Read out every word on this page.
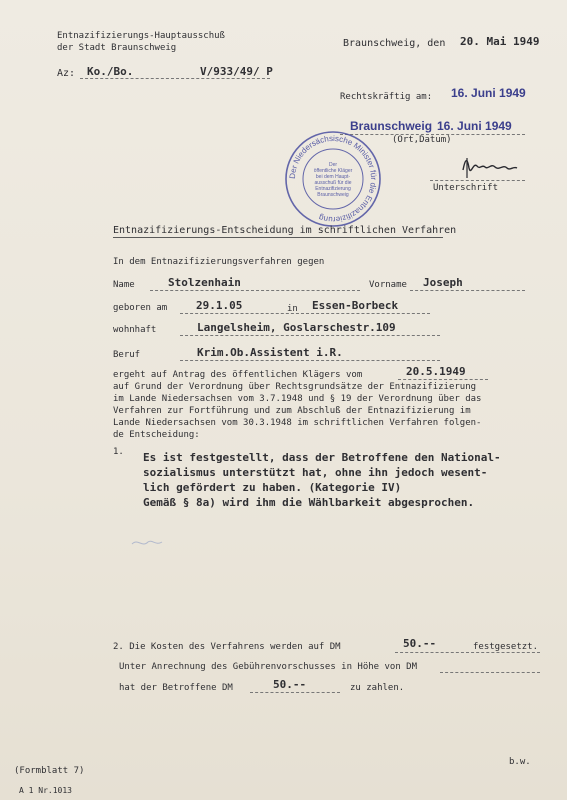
Entnazifizierungs-Hauptausschuß
der Stadt Braunschweig	Braunschweig, den 20. Mai 1949
Az: Ko./Bo.	V/933/49/ P
Rechtskräftig am: 16. Juni 1949
Braunschweig 16. Juni 1949
(Ort,Datum)
Unterschrift
Der Niedersächsische Minister für die Entnazifizierung
Der
öffentliche Kläger
bei dem Haupt-
ausschuß für die
Entnazifizierung
Braunschweig
Entnazifizierungs-Entscheidung im schriftlichen Verfahren
In dem Entnazifizierungsverfahren gegen
Name	Stolzenhain	Vorname Joseph
geboren am	29.1.05	in Essen-Borbeck
wohnhaft	Langelsheim, Goslarschestr.109
Beruf	Krim.Ob.Assistent i.R.
ergeht auf Antrag des öffentlichen Klägers vom	20.5.1949
auf Grund der Verordnung über Rechtsgrundsätze der Entnazifizierung
im Lande Niedersachsen vom 3.7.1948 und § 19 der Verordnung über das
Verfahren zur Fortführung und zum Abschluß der Entnazifizierung im
Lande Niedersachsen vom 30.3.1948 im schriftlichen Verfahren folgen-
de Entscheidung:
1. Es ist festgestellt, dass der Betroffene den National-
sozialismus unterstützt hat, ohne ihn jedoch wesent-
lich gefördert zu haben. (Kategorie IV)
Gemäß § 8a) wird ihm die Wählbarkeit abgesprochen.
2. Die Kosten des Verfahrens werden auf DM	50.--	festgesetzt.
Unter Anrechnung des Gebührenvorschusses in Höhe von DM
hat der Betroffene DM	50.--	zu zahlen.
b.w.
(Formblatt 7)
A 1 Nr.1013
